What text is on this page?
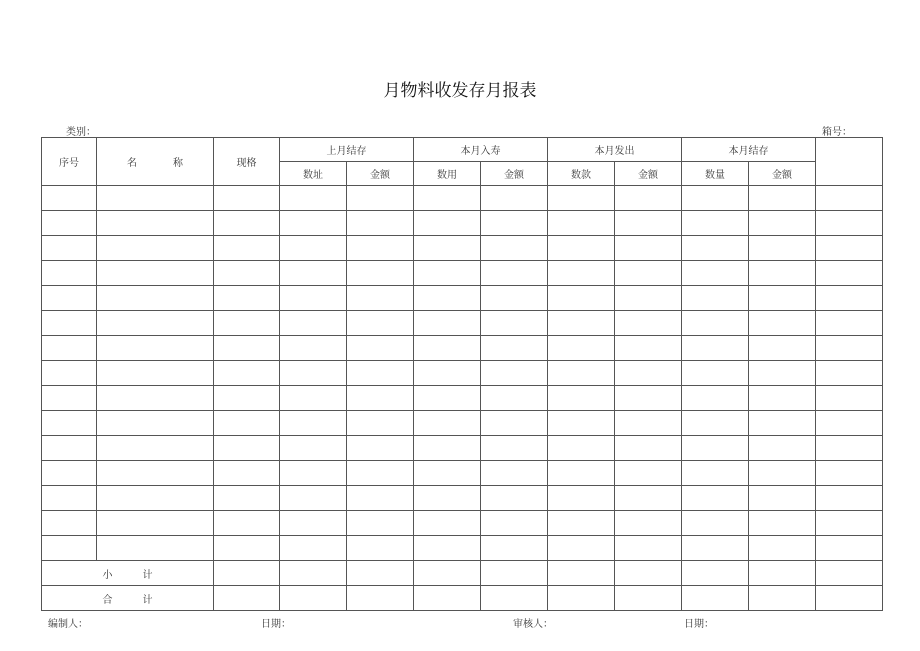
月物料收发存月报表
类别：	箱号：
序号	名 称	现格	上月结存		本月入寿		本月发出		本月结存		
			数址	金额	数用	金额	数款	金额	数量	金额	

小 计											
合 计											
编制人：	日期：	审核人：	日期：
